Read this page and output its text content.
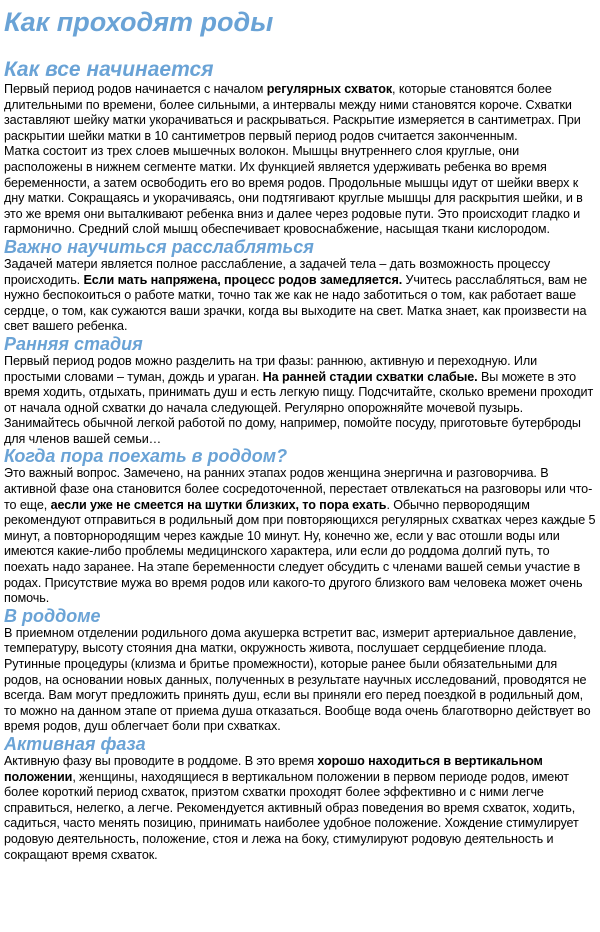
Как проходят роды
Как все начинается

Первый период родов начинается с началом регулярных схваток, которые становятся более длительными по времени, более сильными, а интервалы между ними становятся короче. Схватки заставляют шейку матки укорачиваться и раскрываться. Раскрытие измеряется в сантиметрах. При раскрытии шейки матки в 10 сантиметров первый период родов считается законченным.

Матка состоит из трех слоев мышечных волокон. Мышцы внутреннего слоя круглые, они расположены в нижнем сегменте матки. Их функцией является удерживать ребенка во время беременности, а затем освободить его во время родов. Продольные мышцы идут от шейки вверх к дну матки. Сокращаясь и укорачиваясь, они подтягивают круглые мышцы для раскрытия шейки, и в это же время они выталкивают ребенка вниз и далее через родовые пути. Это происходит гладко и гармонично. Средний слой мышц обеспечивает кровоснабжение, насыщая ткани кислородом.

Важно научиться расслабляться

Задачей матери является полное расслабление, а задачей тела – дать возможность процессу происходить. Если мать напряжена, процесс родов замедляется. Учитесь расслабляться, вам не нужно беспокоиться о работе матки, точно так же как не надо заботиться о том, как работает ваше сердце, о том, как сужаются ваши зрачки, когда вы выходите на свет. Матка знает, как произвести на свет вашего ребенка.

Ранняя стадия

Первый период родов можно разделить на три фазы: раннюю, активную и переходную. Или простыми словами – туман, дождь и ураган. На ранней стадии схватки слабые. Вы можете в это время ходить, отдыхать, принимать душ и есть легкую пищу. Подсчитайте, сколько времени проходит от начала одной схватки до начала следующей. Регулярно опорожняйте мочевой пузырь. Занимайтесь обычной легкой работой по дому, например, помойте посуду, приготовьте бутерброды для членов вашей семьи…

Когда пора поехать в роддом?

Это важный вопрос. Замечено, на ранних этапах родов женщина энергична и разговорчива. В активной фазе она становится более сосредоточенной, перестает отвлекаться на разговоры или что-то еще, аесли уже не смеется на шутки близких, то пора ехать. Обычно первородящим рекомендуют отправиться в родильный дом при повторяющихся регулярных схватках через каждые 5 минут, а повторнородящим через каждые 10 минут. Ну, конечно же, если у вас отошли воды или имеются какие-либо проблемы медицинского характера, или если до роддома долгий путь, то поехать надо заранее. На этапе беременности следует обсудить с членами вашей семьи участие в родах. Присутствие мужа во время родов или какого-то другого близкого вам человека может очень помочь.

В роддоме

В приемном отделении родильного дома акушерка встретит вас, измерит артериальное давление, температуру, высоту стояния дна матки, окружность живота, послушает сердцебиение плода. Рутинные процедуры (клизма и бритье промежности), которые ранее были обязательными для родов, на основании новых данных, полученных в результате научных исследований, проводятся не всегда. Вам могут предложить принять душ, если вы приняли его перед поездкой в родильный дом, то можно на данном этапе от приема душа отказаться. Вообще вода очень благотворно действует во время родов, душ облегчает боли при схватках.

Активная фаза

Активную фазу вы проводите в роддоме. В это время хорошо находиться в вертикальном положении, женщины, находящиеся в вертикальном положении в первом периоде родов, имеют более короткий период схваток, приэтом схватки проходят более эффективно и с ними легче справиться, нелегко, а легче. Рекомендуется активный образ поведения во время схваток, ходить, садиться, часто менять позицию, принимать наиболее удобное положение. Хождение стимулирует родовую деятельность, положение, стоя и лежа на боку, стимулируют родовую деятельность и сокращают время схваток.
